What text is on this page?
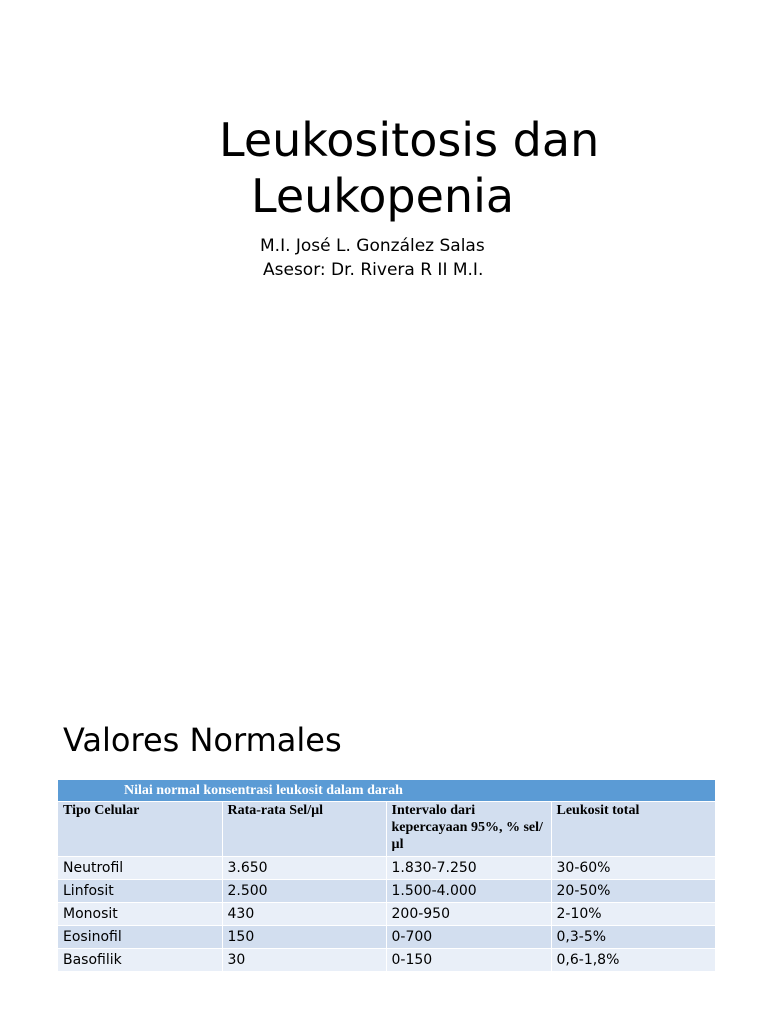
Leukositosis dan
Leukopenia
M.I. José L. González Salas
Asesor: Dr. Rivera R II M.I.
Valores Normales
Nilai normal konsentrasi leukosit dalam darah			
Tipo Celular	Rata-rata Sel/µl	Intervalo dari kepercayaan 95%, % sel/µl	Leukosit total
Neutrofil	3.650	1.830-7.250	30-60%
Linfosit	2.500	1.500-4.000	20-50%
Monosit	430	200-950	2-10%
Eosinofil	150	0-700	0,3-5%
Basofilik	30	0-150	0,6-1,8%
